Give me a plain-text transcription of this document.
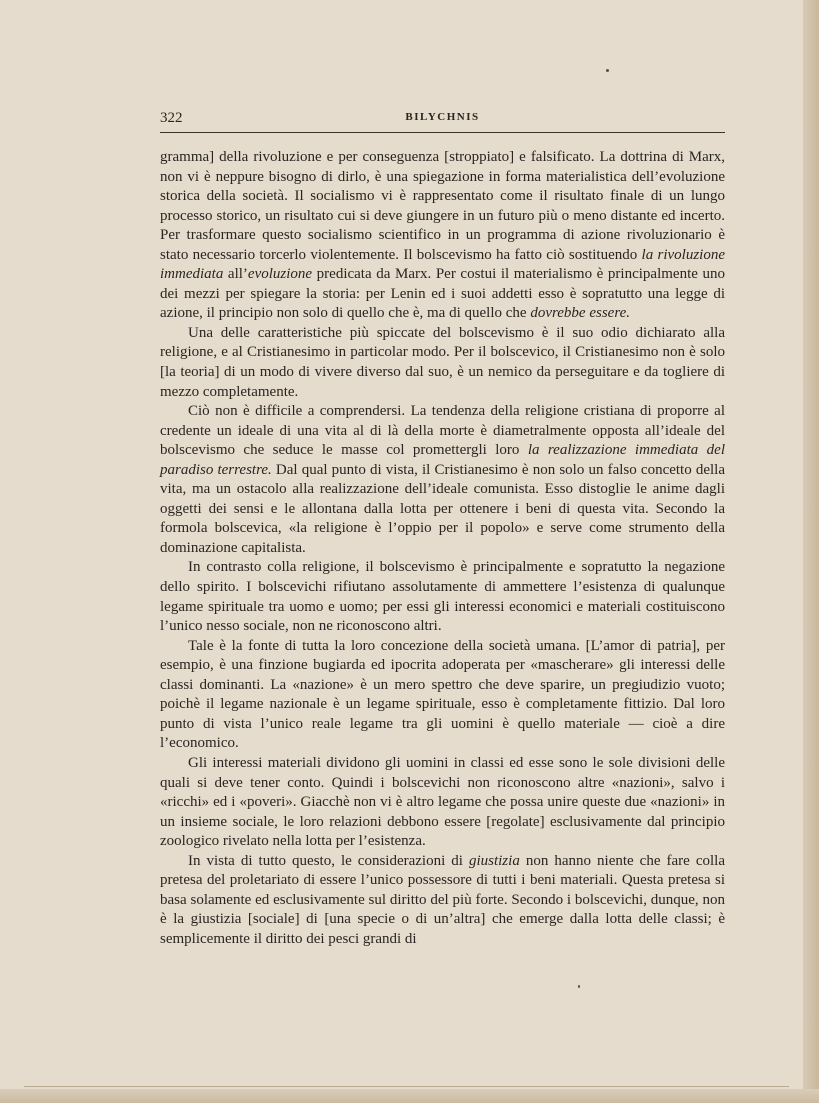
322	BILYCHNIS

gramma] della rivoluzione e per conseguenza [stroppiato] e falsificato. La dottrina di Marx, non vi è neppure bisogno di dirlo, è una spiegazione in forma materialistica dell’evoluzione storica della società. Il socialismo vi è rappresentato come il risultato finale di un lungo processo storico, un risultato cui si deve giungere in un futuro più o meno distante ed incerto. Per trasformare questo socialismo scientifico in un programma di azione rivoluzionario è stato necessario torcerlo violentemente. Il bolscevismo ha fatto ciò sostituendo la rivoluzione immediata all’evoluzione predicata da Marx. Per costui il materialismo è principalmente uno dei mezzi per spiegare la storia: per Lenin ed i suoi addetti esso è sopratutto una legge di azione, il principio non solo di quello che è, ma di quello che dovrebbe essere.

Una delle caratteristiche più spiccate del bolscevismo è il suo odio dichiarato alla religione, e al Cristianesimo in particolar modo. Per il bolscevico, il Cristianesimo non è solo [la teoria] di un modo di vivere diverso dal suo, è un nemico da perseguitare e da togliere di mezzo completamente.

Ciò non è difficile a comprendersi. La tendenza della religione cristiana di proporre al credente un ideale di una vita al di là della morte è diametralmente opposta all’ideale del bolscevismo che seduce le masse col promettergli loro la realizzazione immediata del paradiso terrestre. Dal qual punto di vista, il Cristianesimo è non solo un falso concetto della vita, ma un ostacolo alla realizzazione dell’ideale comunista. Esso distoglie le anime dagli oggetti dei sensi e le allontana dalla lotta per ottenere i beni di questa vita. Secondo la formola bolscevica, «la religione è l’oppio per il popolo» e serve come strumento della dominazione capitalista.

In contrasto colla religione, il bolscevismo è principalmente e sopratutto la negazione dello spirito. I bolscevichi rifiutano assolutamente di ammettere l’esistenza di qualunque legame spirituale tra uomo e uomo; per essi gli interessi economici e materiali costituiscono l’unico nesso sociale, non ne riconoscono altri.

Tale è la fonte di tutta la loro concezione della società umana. [L’amor di patria], per esempio, è una finzione bugiarda ed ipocrita adoperata per «mascherare» gli interessi delle classi dominanti. La «nazione» è un mero spettro che deve sparire, un pregiudizio vuoto; poichè il legame nazionale è un legame spirituale, esso è completamente fittizio. Dal loro punto di vista l’unico reale legame tra gli uomini è quello materiale — cioè a dire l’economico.

Gli interessi materiali dividono gli uomini in classi ed esse sono le sole divisioni delle quali si deve tener conto. Quindi i bolscevichi non riconoscono altre «nazioni», salvo i «ricchi» ed i «poveri». Giacchè non vi è altro legame che possa unire queste due «nazioni» in un insieme sociale, le loro relazioni debbono essere [regolate] esclusivamente dal principio zoologico rivelato nella lotta per l’esistenza.

In vista di tutto questo, le considerazioni di giustizia non hanno niente che fare colla pretesa del proletariato di essere l’unico possessore di tutti i beni materiali. Questa pretesa si basa solamente ed esclusivamente sul diritto del più forte. Secondo i bolscevichi, dunque, non è la giustizia [sociale] di [una specie o di un’altra] che emerge dalla lotta delle classi; è semplicemente il diritto dei pesci grandi di
